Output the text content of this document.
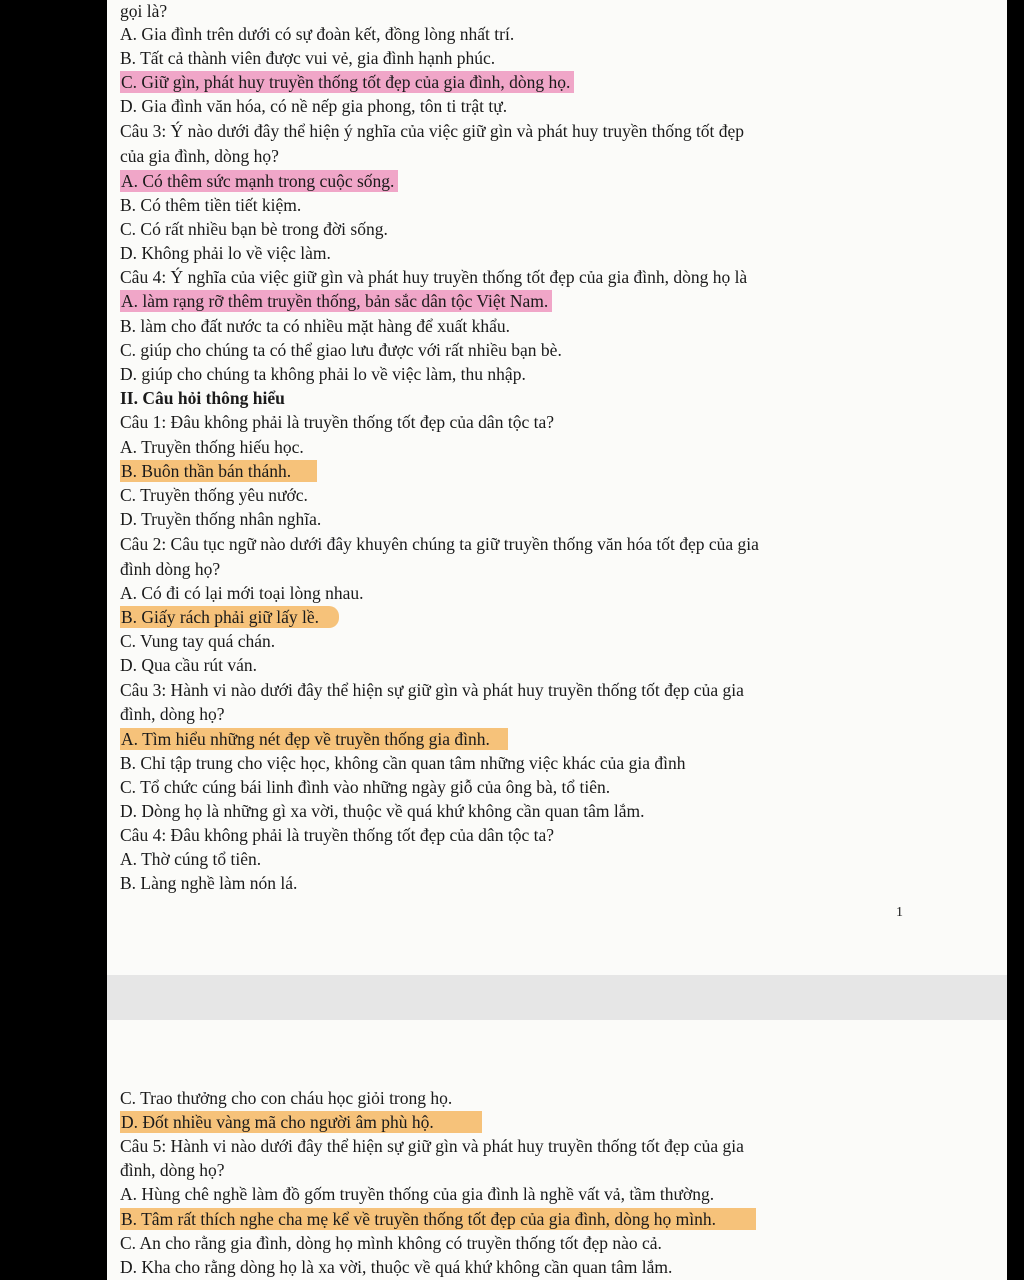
gọi là?
A. Gia đình trên dưới có sự đoàn kết, đồng lòng nhất trí.
B. Tất cả thành viên được vui vẻ, gia đình hạnh phúc.
C. Giữ gìn, phát huy truyền thống tốt đẹp của gia đình, dòng họ.
D. Gia đình văn hóa, có nề nếp gia phong, tôn ti trật tự.
Câu 3: Ý nào dưới đây thể hiện ý nghĩa của việc giữ gìn và phát huy truyền thống tốt đẹp
của gia đình, dòng họ?
A. Có thêm sức mạnh trong cuộc sống.
B. Có thêm tiền tiết kiệm.
C. Có rất nhiều bạn bè trong đời sống.
D. Không phải lo về việc làm.
Câu 4: Ý nghĩa của việc giữ gìn và phát huy truyền thống tốt đẹp của gia đình, dòng họ là
A. làm rạng rỡ thêm truyền thống, bản sắc dân tộc Việt Nam.
B. làm cho đất nước ta có nhiều mặt hàng để xuất khẩu.
C. giúp cho chúng ta có thể giao lưu được với rất nhiều bạn bè.
D. giúp cho chúng ta không phải lo về việc làm, thu nhập.
II. Câu hỏi thông hiểu
Câu 1: Đâu không phải là truyền thống tốt đẹp của dân tộc ta?
A. Truyền thống hiếu học.
B. Buôn thần bán thánh.
C. Truyền thống yêu nước.
D. Truyền thống nhân nghĩa.
Câu 2: Câu tục ngữ nào dưới đây khuyên chúng ta giữ truyền thống văn hóa tốt đẹp của gia
đình dòng họ?
A. Có đi có lại mới toại lòng nhau.
B. Giấy rách phải giữ lấy lề.
C. Vung tay quá chán.
D. Qua cầu rút ván.
Câu 3: Hành vi nào dưới đây thể hiện sự giữ gìn và phát huy truyền thống tốt đẹp của gia
đình, dòng họ?
A. Tìm hiểu những nét đẹp về truyền thống gia đình.
B. Chỉ tập trung cho việc học, không cần quan tâm những việc khác của gia đình
C. Tổ chức cúng bái linh đình vào những ngày giỗ của ông bà, tổ tiên.
D. Dòng họ là những gì xa vời, thuộc về quá khứ không cần quan tâm lắm.
Câu 4: Đâu không phải là truyền thống tốt đẹp của dân tộc ta?
A. Thờ cúng tổ tiên.
B. Làng nghề làm nón lá.
1
C. Trao thưởng cho con cháu học giỏi trong họ.
D. Đốt nhiều vàng mã cho người âm phù hộ.
Câu 5: Hành vi nào dưới đây thể hiện sự giữ gìn và phát huy truyền thống tốt đẹp của gia
đình, dòng họ?
A. Hùng chê nghề làm đồ gốm truyền thống của gia đình là nghề vất vả, tầm thường.
B. Tâm rất thích nghe cha mẹ kể về truyền thống tốt đẹp của gia đình, dòng họ mình.
C. An cho rằng gia đình, dòng họ mình không có truyền thống tốt đẹp nào cả.
D. Kha cho rằng dòng họ là xa vời, thuộc về quá khứ không cần quan tâm lắm.
